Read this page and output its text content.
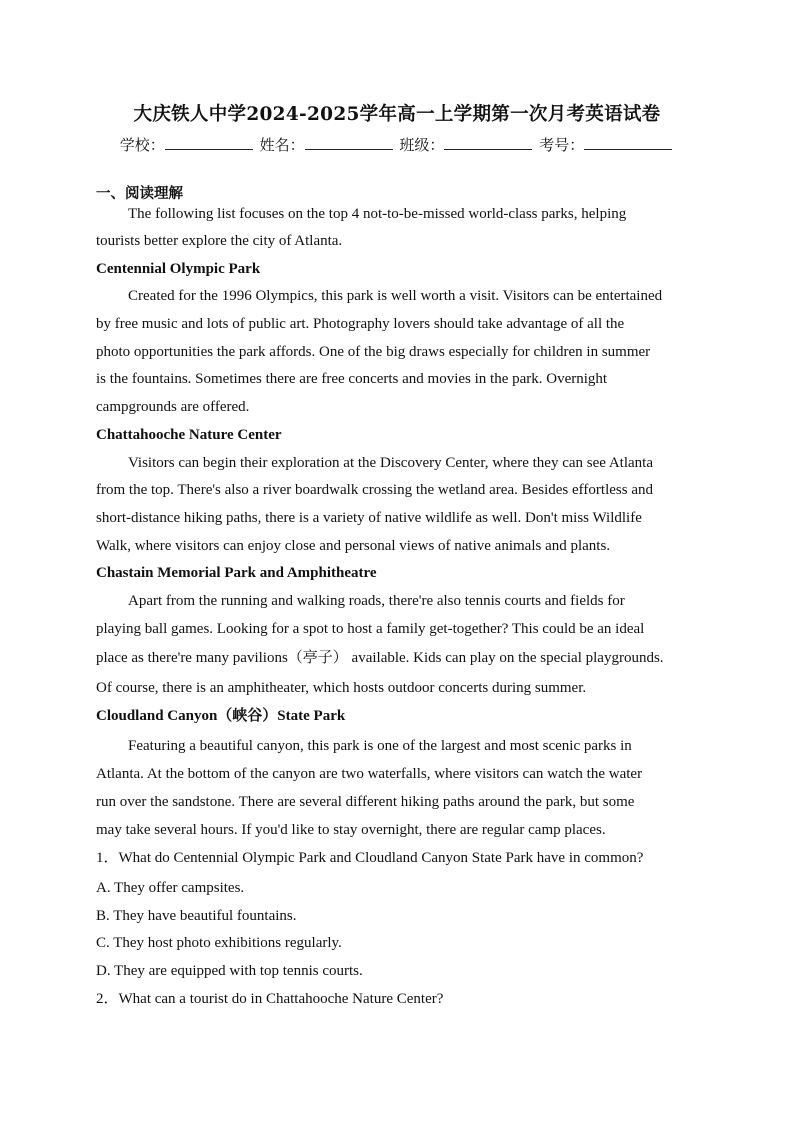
大庆铁人中学2024-2025学年高一上学期第一次月考英语试卷
学校：	姓名：	班级：	考号：
一、阅读理解
The following list focuses on the top 4 not-to-be-missed world-class parks, helping
tourists better explore the city of Atlanta.
Centennial Olympic Park
Created for the 1996 Olympics, this park is well worth a visit. Visitors can be entertained
by free music and lots of public art. Photography lovers should take advantage of all the
photo opportunities the park affords. One of the big draws especially for children in summer
is the fountains. Sometimes there are free concerts and movies in the park. Overnight
campgrounds are offered.
Chattahooche Nature Center
Visitors can begin their exploration at the Discovery Center, where they can see Atlanta
from the top. There's also a river boardwalk crossing the wetland area. Besides effortless and
short-distance hiking paths, there is a variety of native wildlife as well. Don't miss Wildlife
Walk, where visitors can enjoy close and personal views of native animals and plants.
Chastain Memorial Park and Amphitheatre
Apart from the running and walking roads, there're also tennis courts and fields for
playing ball games. Looking for a spot to host a family get-together? This could be an ideal
place as there're many pavilions（亭子） available. Kids can play on the special playgrounds.
Of course, there is an amphitheater, which hosts outdoor concerts during summer.
Cloudland Canyon（峡谷）State Park
Featuring a beautiful canyon, this park is one of the largest and most scenic parks in
Atlanta. At the bottom of the canyon are two waterfalls, where visitors can watch the water
run over the sandstone. There are several different hiking paths around the park, but some
may take several hours. If you'd like to stay overnight, there are regular camp places.
1．What do Centennial Olympic Park and Cloudland Canyon State Park have in common?
A. They offer campsites.
B. They have beautiful fountains.
C. They host photo exhibitions regularly.
D. They are equipped with top tennis courts.
2．What can a tourist do in Chattahooche Nature Center?
